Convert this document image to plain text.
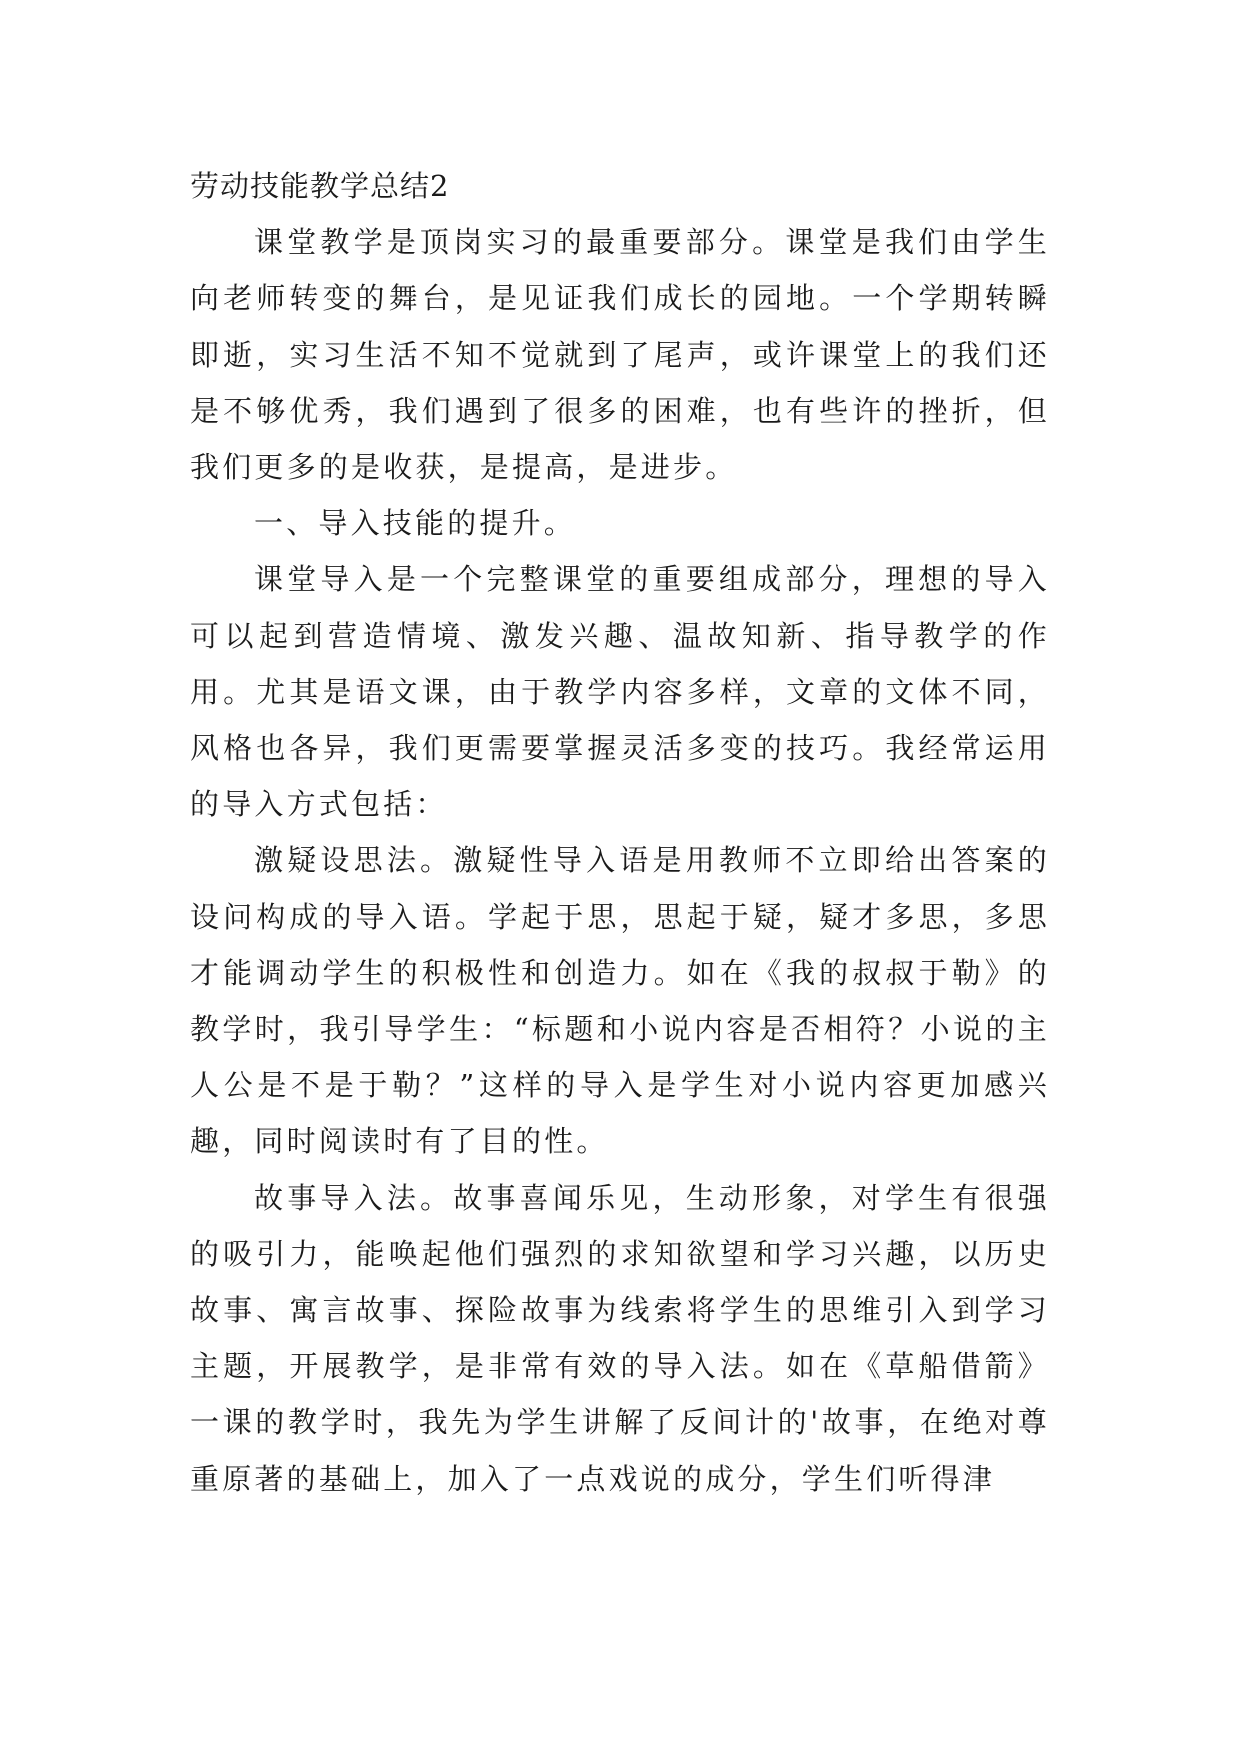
劳动技能教学总结2

课堂教学是顶岗实习的最重要部分。课堂是我们由学生向老师转变的舞台，是见证我们成长的园地。一个学期转瞬即逝，实习生活不知不觉就到了尾声，或许课堂上的我们还是不够优秀，我们遇到了很多的困难，也有些许的挫折，但我们更多的是收获，是提高，是进步。

一、导入技能的提升。

课堂导入是一个完整课堂的重要组成部分，理想的导入可以起到营造情境、激发兴趣、温故知新、指导教学的作用。尤其是语文课，由于教学内容多样，文章的文体不同，风格也各异，我们更需要掌握灵活多变的技巧。我经常运用的导入方式包括：

激疑设思法。激疑性导入语是用教师不立即给出答案的设问构成的导入语。学起于思，思起于疑，疑才多思，多思才能调动学生的积极性和创造力。如在《我的叔叔于勒》的教学时，我引导学生：“标题和小说内容是否相符？小说的主人公是不是于勒？”这样的导入是学生对小说内容更加感兴趣，同时阅读时有了目的性。

故事导入法。故事喜闻乐见，生动形象，对学生有很强的吸引力，能唤起他们强烈的求知欲望和学习兴趣，以历史故事、寓言故事、探险故事为线索将学生的思维引入到学习主题，开展教学，是非常有效的导入法。如在《草船借箭》一课的教学时，我先为学生讲解了反间计的'故事，在绝对尊重原著的基础上，加入了一点戏说的成分，学生们听得津
